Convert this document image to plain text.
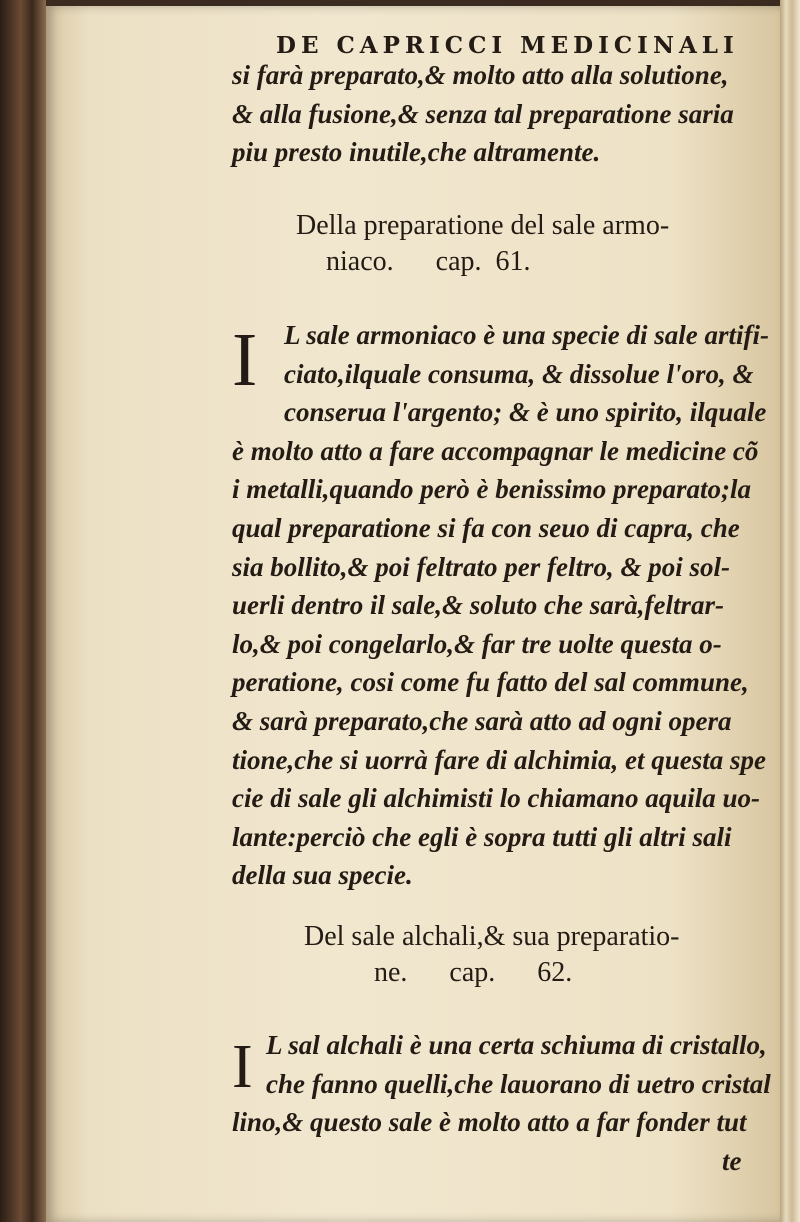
DE CAPRICCI MEDICINALI
si farà preparato,& molto atto alla solutione,
& alla fusione,& senza tal preparatione saria
piu presto inutile,che altramente.
Della preparatione del sale armo-
niaco.      cap.  61.
I L sale armoniaco è una specie di sale artifi-
ciato,ilquale consuma, & dissolue l'oro, &
conserua l'argento; & è uno spirito, ilquale
è molto atto a fare accompagnar le medicine cõ
i metalli,quando però è benissimo preparato;la
qual preparatione si fa con seuo di capra, che
sia bollito,& poi feltrato per feltro, & poi sol-
uerli dentro il sale,& soluto che sarà,feltrar-
lo,& poi congelarlo,& far tre uolte questa o-
peratione, cosi come fu fatto del sal commune,
& sarà preparato,che sarà atto ad ogni opera
tione,che si uorrà fare di alchimia, et questa spe
cie di sale gli alchimisti lo chiamano aquila uo-
lante:perciò che egli è sopra tutti gli altri sali
della sua specie.
Del sale alchali,& sua preparatio-
ne.      cap.      62.
I L sal alchali è una certa schiuma di cristallo,
che fanno quelli,che lauorano di uetro cristal
lino,& questo sale è molto atto a far fonder tut
te
